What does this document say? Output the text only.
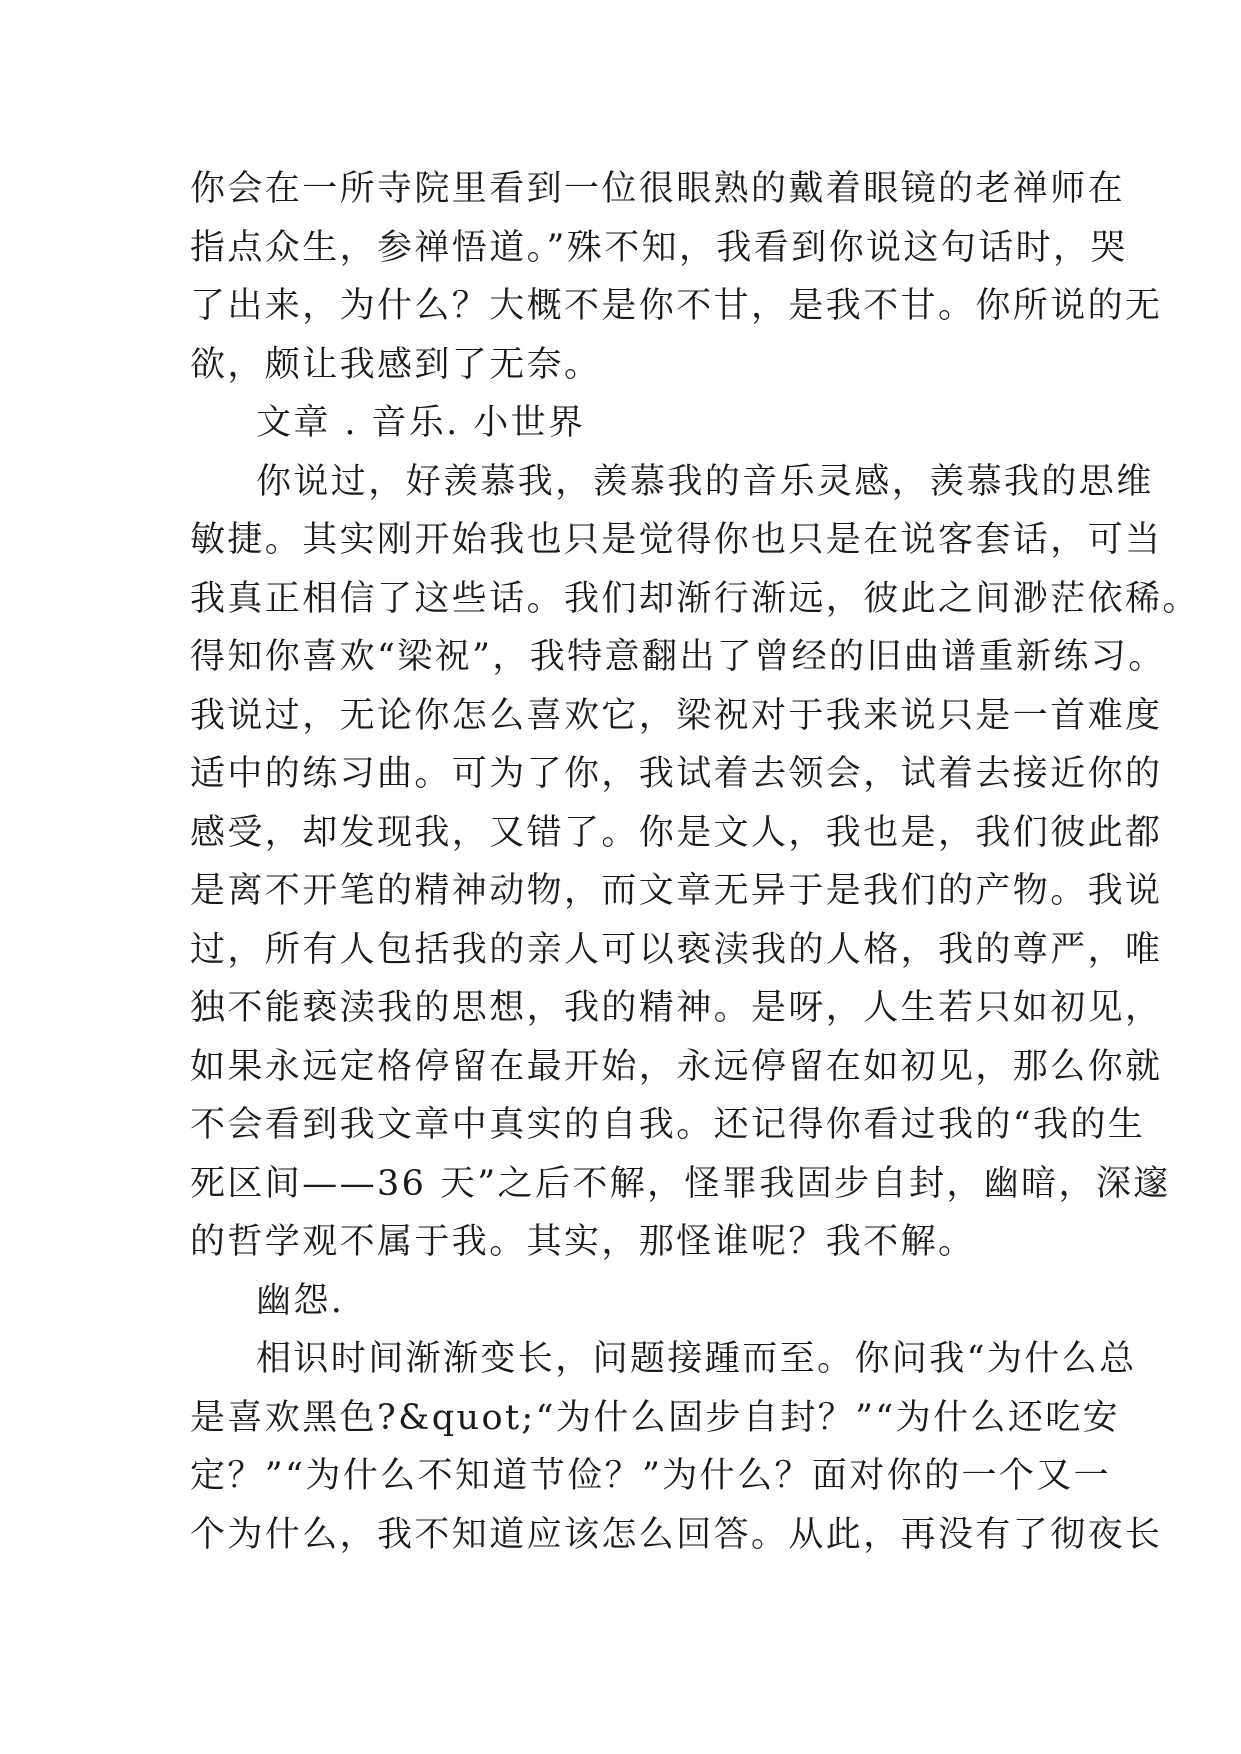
你会在一所寺院里看到一位很眼熟的戴着眼镜的老禅师在
指点众生，参禅悟道。”殊不知，我看到你说这句话时，哭
了出来，为什么？大概不是你不甘，是我不甘。你所说的无
欲，颇让我感到了无奈。
文章 . 音乐. 小世界
你说过，好羡慕我，羡慕我的音乐灵感，羡慕我的思维
敏捷。其实刚开始我也只是觉得你也只是在说客套话，可当
我真正相信了这些话。我们却渐行渐远，彼此之间渺茫依稀。
得知你喜欢“梁祝”，我特意翻出了曾经的旧曲谱重新练习。
我说过，无论你怎么喜欢它，梁祝对于我来说只是一首难度
适中的练习曲。可为了你，我试着去领会，试着去接近你的
感受，却发现我，又错了。你是文人，我也是，我们彼此都
是离不开笔的精神动物，而文章无异于是我们的产物。我说
过，所有人包括我的亲人可以亵渎我的人格，我的尊严，唯
独不能亵渎我的思想，我的精神。是呀，人生若只如初见，
如果永远定格停留在最开始，永远停留在如初见，那么你就
不会看到我文章中真实的自我。还记得你看过我的“我的生
死区间——36 天”之后不解，怪罪我固步自封，幽暗，深邃
的哲学观不属于我。其实，那怪谁呢？我不解。
幽怨.
相识时间渐渐变长，问题接踵而至。你问我“为什么总
是喜欢黑色?&quot;“为什么固步自封？”“为什么还吃安
定？”“为什么不知道节俭？”为什么？面对你的一个又一
个为什么，我不知道应该怎么回答。从此，再没有了彻夜长
